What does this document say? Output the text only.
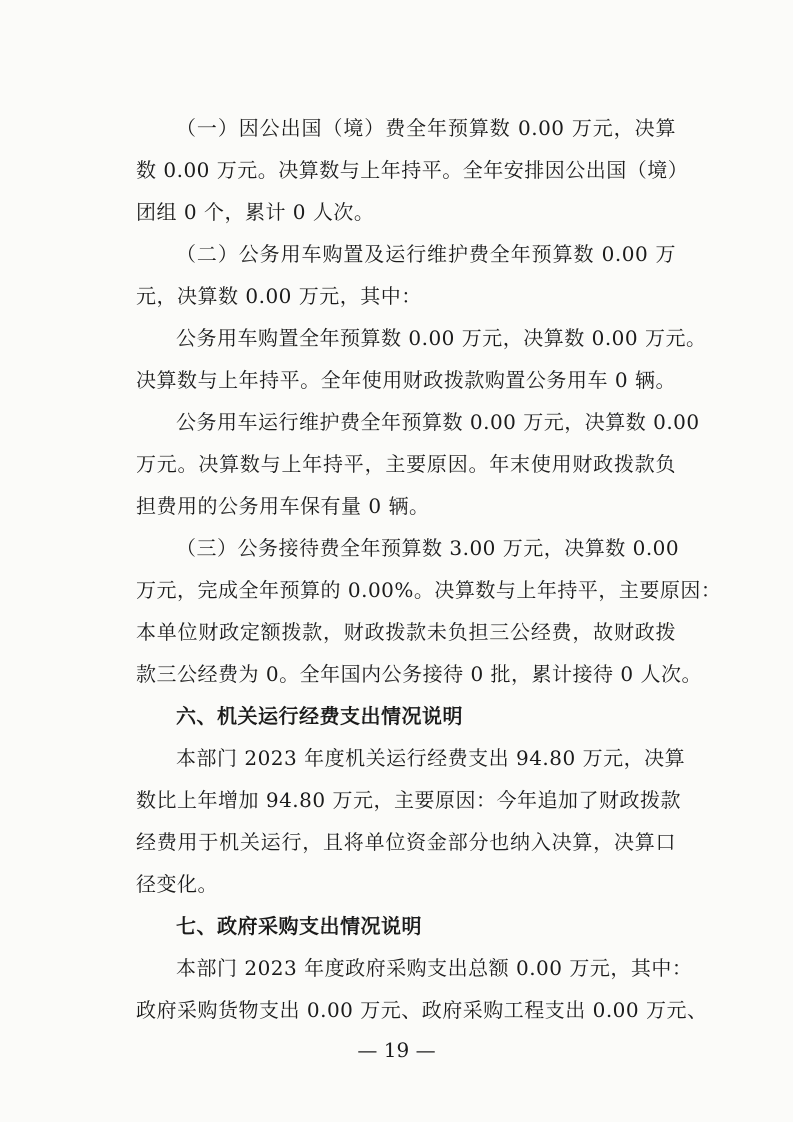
（一）因公出国（境）费全年预算数 0.00 万元，决算
数 0.00 万元。决算数与上年持平。全年安排因公出国（境）
团组 0 个，累计 0 人次。
（二）公务用车购置及运行维护费全年预算数 0.00 万
元，决算数 0.00 万元，其中：
公务用车购置全年预算数 0.00 万元，决算数 0.00 万元。
决算数与上年持平。全年使用财政拨款购置公务用车 0 辆。
公务用车运行维护费全年预算数 0.00 万元，决算数 0.00
万元。决算数与上年持平，主要原因。年末使用财政拨款负
担费用的公务用车保有量 0 辆。
（三）公务接待费全年预算数 3.00 万元，决算数 0.00
万元，完成全年预算的 0.00%。决算数与上年持平，主要原因：
本单位财政定额拨款，财政拨款未负担三公经费，故财政拨
款三公经费为 0。全年国内公务接待 0 批，累计接待 0 人次。
六、机关运行经费支出情况说明
本部门 2023 年度机关运行经费支出 94.80 万元，决算
数比上年增加 94.80 万元，主要原因：今年追加了财政拨款
经费用于机关运行，且将单位资金部分也纳入决算，决算口
径变化。
七、政府采购支出情况说明
本部门 2023 年度政府采购支出总额 0.00 万元，其中：
政府采购货物支出 0.00 万元、政府采购工程支出 0.00 万元、
— 19 —
